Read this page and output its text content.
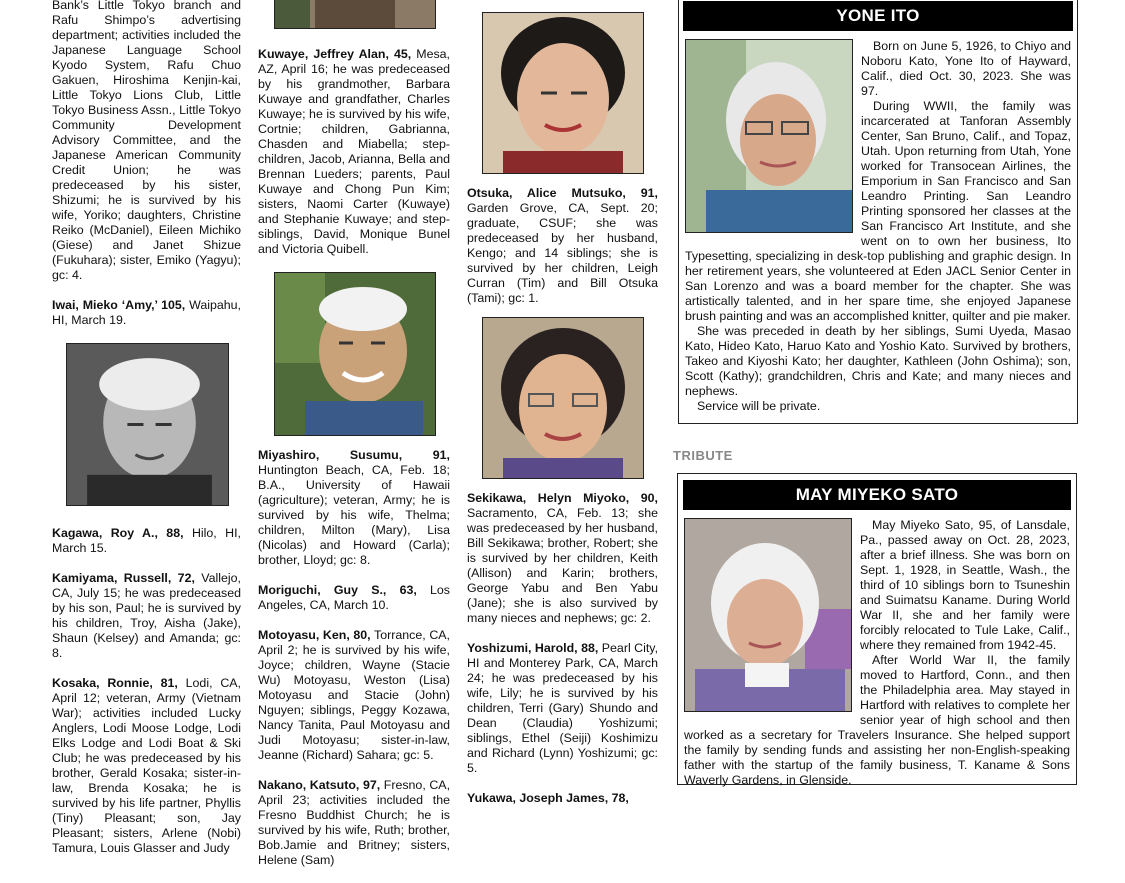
Bank’s Little Tokyo branch and Rafu Shimpo’s advertising department; activities included the Japanese Language School Kyodo System, Rafu Chuo Gakuen, Hiroshima Kenjin-kai, Little Tokyo Lions Club, Little Tokyo Business Assn., Little Tokyo Community Development Advisory Committee, and the Japanese American Community Credit Union; he was predeceased by his sister, Shizumi; he is survived by his wife, Yoriko; daughters, Christine Reiko (McDaniel), Eileen Michiko (Giese) and Janet Shizue (Fukuhara); sister, Emiko (Yagyu); gc: 4.

Iwai, Mieko ‘Amy,’ 105, Waipahu, HI, March 19.

Kagawa, Roy A., 88, Hilo, HI, March 15.

Kamiyama, Russell, 72, Vallejo, CA, July 15; he was predeceased by his son, Paul; he is survived by his children, Troy, Aisha (Jake), Shaun (Kelsey) and Amanda; gc: 8.

Kosaka, Ronnie, 81, Lodi, CA, April 12; veteran, Army (Vietnam War); activities included Lucky Anglers, Lodi Moose Lodge, Lodi Elks Lodge and Lodi Boat & Ski Club; he was predeceased by his brother, Gerald Kosaka; sister-in-law, Brenda Kosaka; he is survived by his life partner, Phyllis (Tiny) Pleasant; son, Jay Pleasant; sisters, Arlene (Nobi) Tamura, Louis Glasser and Judy

Kuwaye, Jeffrey Alan, 45, Mesa, AZ, April 16; he was predeceased by his grandmother, Barbara Kuwaye and grandfather, Charles Kuwaye; he is survived by his wife, Cortnie; children, Gabrianna, Chasden and Miabella; step-children, Jacob, Arianna, Bella and Brennan Lueders; parents, Paul Kuwaye and Chong Pun Kim; sisters, Naomi Carter (Kuwaye) and Stephanie Kuwaye; and step-siblings, David, Monique Bunel and Victoria Quibell.

Miyashiro, Susumu, 91, Huntington Beach, CA, Feb. 18; B.A., University of Hawaii (agriculture); veteran, Army; he is survived by his wife, Thelma; children, Milton (Mary), Lisa (Nicolas) and Howard (Carla); brother, Lloyd; gc: 8.

Moriguchi, Guy S., 63, Los Angeles, CA, March 10.

Motoyasu, Ken, 80, Torrance, CA, April 2; he is survived by his wife, Joyce; children, Wayne (Stacie Wu) Motoyasu, Weston (Lisa) Motoyasu and Stacie (John) Nguyen; siblings, Peggy Kozawa, Nancy Tanita, Paul Motoyasu and Judi Motoyasu; sister-in-law, Jeanne (Richard) Sahara; gc: 5.

Nakano, Katsuto, 97, Fresno, CA, April 23; activities included the Fresno Buddhist Church; he is survived by his wife, Ruth; brother, Bob.Jamie and Britney; sisters, Helene (Sam)

Otsuka, Alice Mutsuko, 91, Garden Grove, CA, Sept. 20; graduate, CSUF; she was predeceased by her husband, Kengo; and 14 siblings; she is survived by her children, Leigh Curran (Tim) and Bill Otsuka (Tami); gc: 1.

Sekikawa, Helyn Miyoko, 90, Sacramento, CA, Feb. 13; she was predeceased by her husband, Bill Sekikawa; brother, Robert; she is survived by her children, Keith (Allison) and Karin; brothers, George Yabu and Ben Yabu (Jane); she is also survived by many nieces and nephews; gc: 2.

Yoshizumi, Harold, 88, Pearl City, HI and Monterey Park, CA, March 24; he was predeceased by his wife, Lily; he is survived by his children, Terri (Gary) Shundo and Dean (Claudia) Yoshizumi; siblings, Ethel (Seiji) Koshimizu and Richard (Lynn) Yoshizumi; gc: 5.

Yukawa, Joseph James, 78,

YONE ITO

Born on June 5, 1926, to Chiyo and Noboru Kato, Yone Ito of Hayward, Calif., died Oct. 30, 2023. She was 97.

During WWII, the family was incarcerated at Tanforan Assembly Center, San Bruno, Calif., and Topaz, Utah. Upon returning from Utah, Yone worked for Transocean Airlines, the Emporium in San Francisco and San Leandro Printing. San Leandro Printing sponsored her classes at the San Francisco Art Institute, and she went on to own her business, Ito Typesetting, specializing in desk-top publishing and graphic design. In her retirement years, she volunteered at Eden JACL Senior Center in San Lorenzo and was a board member for the chapter. She was artistically talented, and in her spare time, she enjoyed Japanese brush painting and was an accomplished knitter, quilter and pie maker.

She was preceded in death by her siblings, Sumi Uyeda, Masao Kato, Hideo Kato, Haruo Kato and Yoshio Kato. Survived by brothers, Takeo and Kiyoshi Kato; her daughter, Kathleen (John Oshima); son, Scott (Kathy); grandchildren, Chris and Kate; and many nieces and nephews.

Service will be private.

TRIBUTE
MAY MIYEKO SATO

May Miyeko Sato, 95, of Lansdale, Pa., passed away on Oct. 28, 2023, after a brief illness. She was born on Sept. 1, 1928, in Seattle, Wash., the third of 10 siblings born to Tsuneshin and Suimatsu Kaname. During World War II, she and her family were forcibly relocated to Tule Lake, Calif., where they remained from 1942-45.

After World War II, the family moved to Hartford, Conn., and then the Philadelphia area. May stayed in Hartford with relatives to complete her senior year of high school and then worked as a secretary for Travelers Insurance. She helped support the family by sending funds and assisting her non-English-speaking father with the startup of the family business, T. Kaname & Sons Waverly Gardens, in Glenside.
